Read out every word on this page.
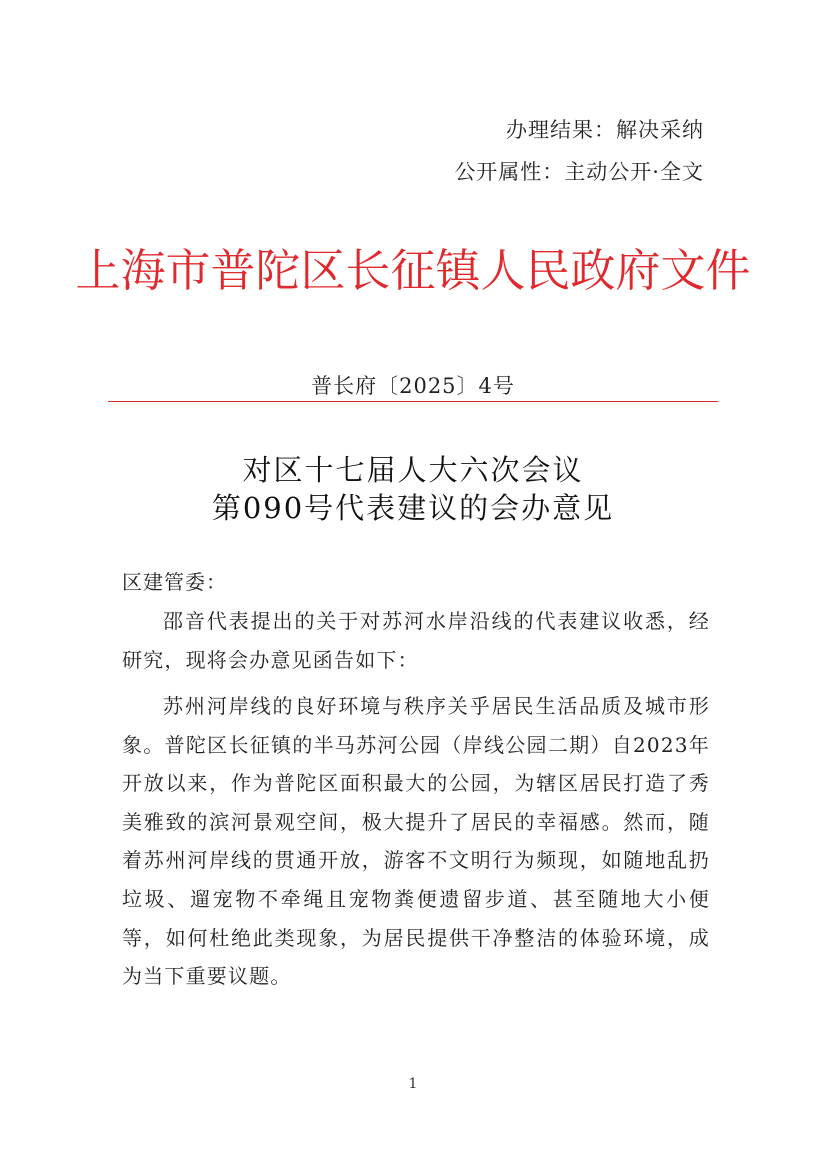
办理结果：解决采纳
公开属性：主动公开·全文
上海市普陀区长征镇人民政府文件
普长府〔2025〕4号
对区十七届人大六次会议
第090号代表建议的会办意见
区建管委：

邵音代表提出的关于对苏河水岸沿线的代表建议收悉，经研究，现将会办意见函告如下：

苏州河岸线的良好环境与秩序关乎居民生活品质及城市形象。普陀区长征镇的半马苏河公园（岸线公园二期）自2023年开放以来，作为普陀区面积最大的公园，为辖区居民打造了秀美雅致的滨河景观空间，极大提升了居民的幸福感。然而，随着苏州河岸线的贯通开放，游客不文明行为频现，如随地乱扔垃圾、遛宠物不牵绳且宠物粪便遗留步道、甚至随地大小便等，如何杜绝此类现象，为居民提供干净整洁的体验环境，成为当下重要议题。

1
